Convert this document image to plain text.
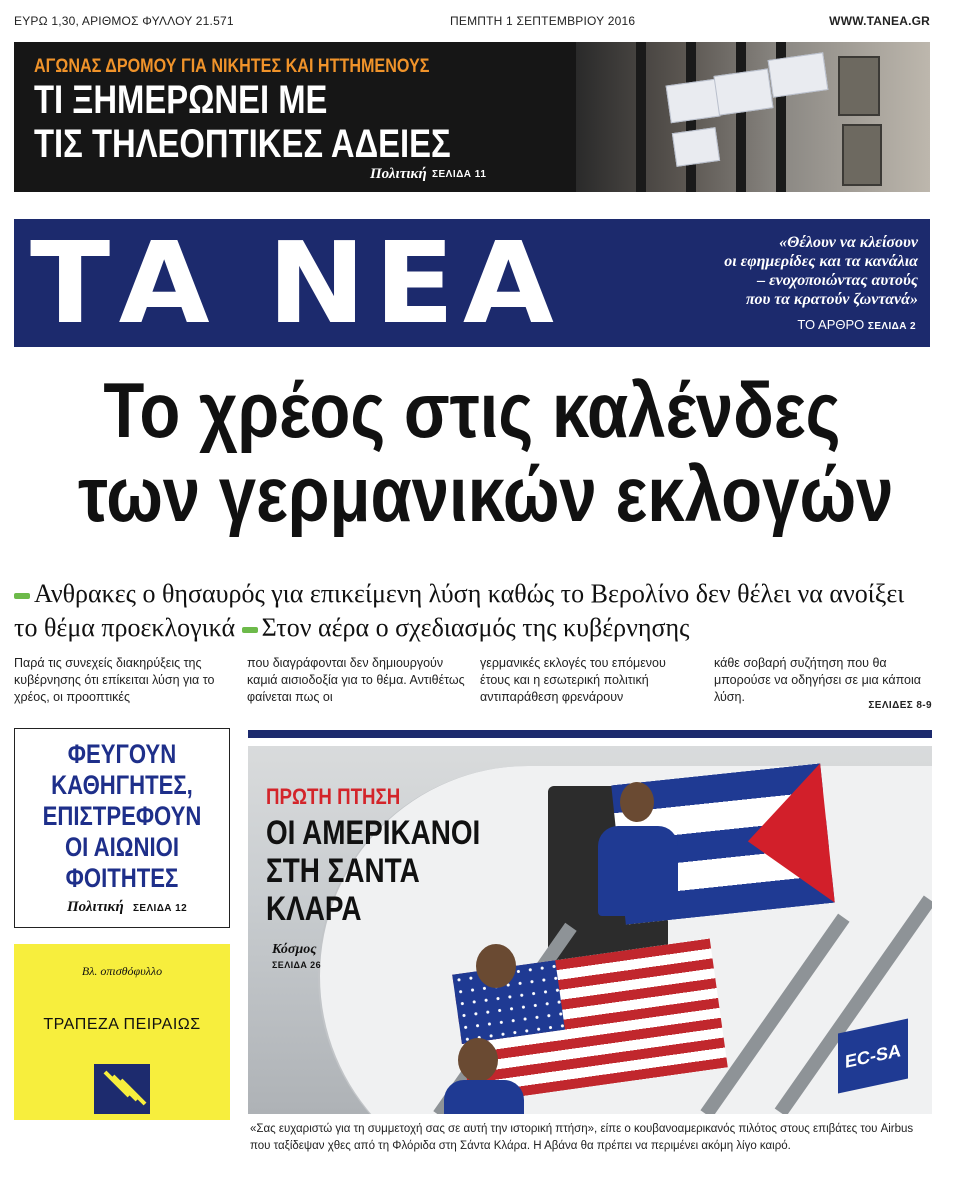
ΕΥΡΩ 1,30, ΑΡΙΘΜΟΣ ΦΥΛΛΟΥ 21.571	ΠΕΜΠΤΗ 1 ΣΕΠΤΕΜΒΡΙΟΥ 2016	WWW.TANEA.GR
ΑΓΩΝΑΣ ΔΡΟΜΟΥ ΓΙΑ ΝΙΚΗΤΕΣ ΚΑΙ ΗΤΤΗΜΕΝΟΥΣ
ΤΙ ΞΗΜΕΡΩΝΕΙ ΜΕ
ΤΙΣ ΤΗΛΕΟΠΤΙΚΕΣ ΑΔΕΙΕΣ
Πολιτική ΣΕΛΙΔΑ 11
ΤΑ ΝΕΑ	«Θέλουν να κλείσουν
οι εφημερίδες και τα κανάλια
– ενοχοποιώντας αυτούς
που τα κρατούν ζωντανά»
ΤΟ ΑΡΘΡΟ ΣΕΛΙΔΑ 2
Το χρέος στις καλένδες
των γερμανικών εκλογών
Ανθρακες ο θησαυρός για επικείμενη λύση καθώς το Βερολίνο δεν θέλει να ανοίξει το θέμα προεκλογικά Στον αέρα ο σχεδιασμός της κυβέρνησης
Παρά τις συνεχείς διακηρύξεις της κυβέρνησης ότι επίκειται λύση για το χρέος, οι προοπτικές
που διαγράφονται δεν δημιουργούν καμιά αισιοδοξία για το θέμα. Αντιθέτως φαίνεται πως οι
γερμανικές εκλογές του επόμενου έτους και η εσωτερική πολιτική αντιπαράθεση φρενάρουν
κάθε σοβαρή συζήτηση που θα μπορούσε να οδηγήσει σε μια κάποια λύση.
ΣΕΛΙΔΕΣ 8-9
ΦΕΥΓΟΥΝ
ΚΑΘΗΓΗΤΕΣ,
ΕΠΙΣΤΡΕΦΟΥΝ
ΟΙ ΑΙΩΝΙΟΙ
ΦΟΙΤΗΤΕΣ
Πολιτική ΣΕΛΙΔΑ 12
Βλ. οπισθόφυλλο
ΤΡΑΠΕΖΑ ΠΕΙΡΑΙΩΣ
EC-SA
ΠΡΩΤΗ ΠΤΗΣΗ
ΟΙ ΑΜΕΡΙΚΑΝΟΙ
ΣΤΗ ΣΑΝΤΑ
ΚΛΑΡΑ
Κόσμος
ΣΕΛΙΔΑ 26
«Σας ευχαριστώ για τη συμμετοχή σας σε αυτή την ιστορική πτήση», είπε ο κουβανοαμερικανός πιλότος στους επιβάτες του Airbus που ταξίδεψαν χθες από τη Φλόριδα στη Σάντα Κλάρα. Η Αβάνα θα πρέπει να περιμένει ακόμη λίγο καιρό.
